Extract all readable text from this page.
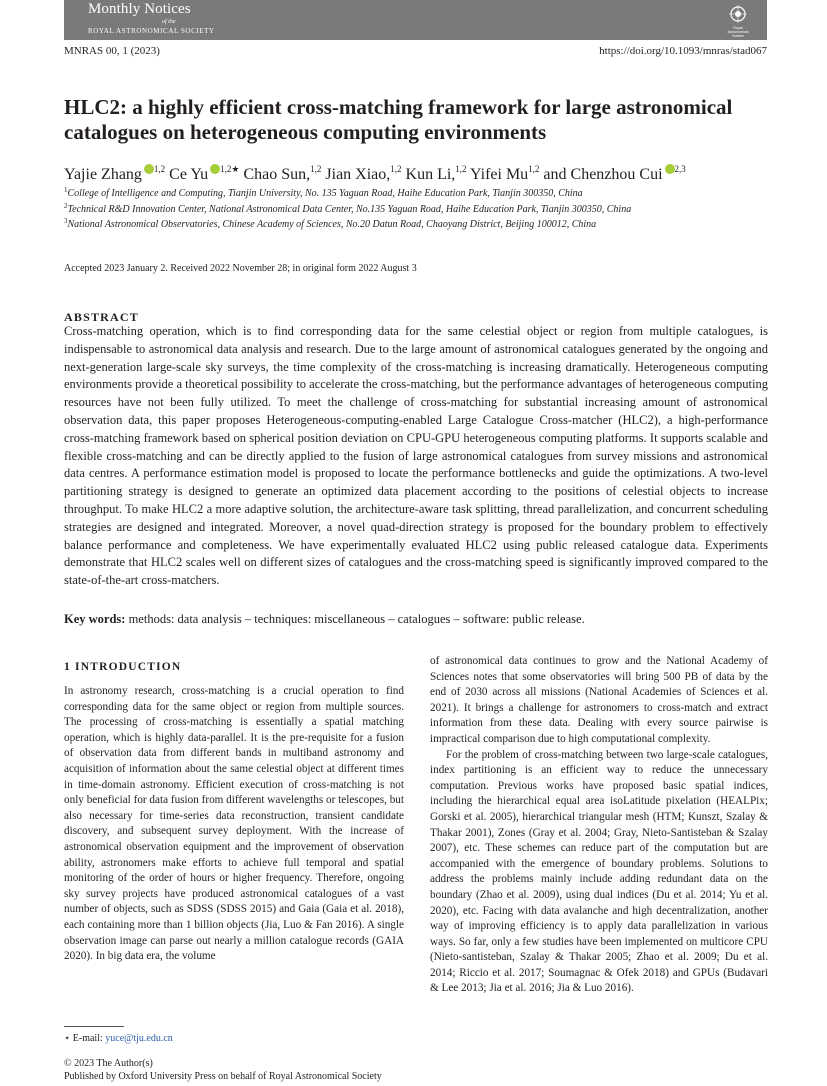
Monthly Notices
of the
ROYAL ASTRONOMICAL SOCIETY	Royal
Astronomical
Society
MNRAS 00, 1 (2023)	https://doi.org/10.1093/mnras/stad067
HLC2: a highly efficient cross-matching framework for large astronomical catalogues on heterogeneous computing environments
Yajie Zhang $^{1,2}$ Ce Yu $^{1,2★}$ Chao Sun,$^{1,2}$ Jian Xiao,$^{1,2}$ Kun Li,$^{1,2}$ Yifei Mu$^{1,2}$ and Chenzhou Cui $^{2,3}$
$^1$College of Intelligence and Computing, Tianjin University, No. 135 Yaguan Road, Haihe Education Park, Tianjin 300350, China
$^2$Technical R&D Innovation Center, National Astronomical Data Center, No.135 Yaguan Road, Haihe Education Park, Tianjin 300350, China
$^3$National Astronomical Observatories, Chinese Academy of Sciences, No.20 Datun Road, Chaoyang District, Beijing 100012, China
Accepted 2023 January 2. Received 2022 November 28; in original form 2022 August 3
ABSTRACT
Cross-matching operation, which is to find corresponding data for the same celestial object or region from multiple catalogues, is indispensable to astronomical data analysis and research. Due to the large amount of astronomical catalogues generated by the ongoing and next-generation large-scale sky surveys, the time complexity of the cross-matching is increasing dramatically. Heterogeneous computing environments provide a theoretical possibility to accelerate the cross-matching, but the performance advantages of heterogeneous computing resources have not been fully utilized. To meet the challenge of cross-matching for substantial increasing amount of astronomical observation data, this paper proposes Heterogeneous-computing-enabled Large Catalogue Cross-matcher (HLC2), a high-performance cross-matching framework based on spherical position deviation on CPU-GPU heterogeneous computing platforms. It supports scalable and flexible cross-matching and can be directly applied to the fusion of large astronomical catalogues from survey missions and astronomical data centres. A performance estimation model is proposed to locate the performance bottlenecks and guide the optimizations. A two-level partitioning strategy is designed to generate an optimized data placement according to the positions of celestial objects to increase throughput. To make HLC2 a more adaptive solution, the architecture-aware task splitting, thread parallelization, and concurrent scheduling strategies are designed and integrated. Moreover, a novel quad-direction strategy is proposed for the boundary problem to effectively balance performance and completeness. We have experimentally evaluated HLC2 using public released catalogue data. Experiments demonstrate that HLC2 scales well on different sizes of catalogues and the cross-matching speed is significantly improved compared to the state-of-the-art cross-matchers.
Key words: methods: data analysis – techniques: miscellaneous – catalogues – software: public release.
1 INTRODUCTION

In astronomy research, cross-matching is a crucial operation to find corresponding data for the same object or region from multiple sources. The processing of cross-matching is essentially a spatial matching operation, which is highly data-parallel. It is the pre-requisite for a fusion of observation data from different bands in multiband astronomy and acquisition of information about the same celestial object at different times in time-domain astronomy. Efficient execution of cross-matching is not only beneficial for data fusion from different wavelengths or telescopes, but also necessary for time-series data reconstruction, transient candidate discovery, and subsequent survey deployment. With the increase of astronomical observation equipment and the improvement of observation ability, astronomers make efforts to achieve full temporal and spatial monitoring of the order of hours or higher frequency. Therefore, ongoing sky survey projects have produced astronomical catalogues of a vast number of objects, such as SDSS (SDSS 2015) and Gaia (Gaia et al. 2018), each containing more than 1 billion objects (Jia, Luo & Fan 2016). A single observation image can parse out nearly a million catalogue records (GAIA 2020). In big data era, the volume

of astronomical data continues to grow and the National Academy of Sciences notes that some observatories will bring 500 PB of data by the end of 2030 across all missions (National Academies of Sciences et al. 2021). It brings a challenge for astronomers to cross-match and extract information from these data. Dealing with every source pairwise is impractical comparison due to high computational complexity.

For the problem of cross-matching between two large-scale catalogues, index partitioning is an efficient way to reduce the unnecessary computation. Previous works have proposed basic spatial indices, including the hierarchical equal area isoLatitude pixelation (HEALPix; Gorski et al. 2005), hierarchical triangular mesh (HTM; Kunszt, Szalay & Thakar 2001), Zones (Gray et al. 2004; Gray, Nieto-Santisteban & Szalay 2007), etc. These schemes can reduce part of the computation but are accompanied with the emergence of boundary problems. Solutions to address the problems mainly include adding redundant data on the boundary (Zhao et al. 2009), using dual indices (Du et al. 2014; Yu et al. 2020), etc. Facing with data avalanche and high decentralization, another way of improving efficiency is to apply data parallelization in various ways. So far, only a few studies have been implemented on multicore CPU (Nieto-santisteban, Szalay & Thakar 2005; Zhao et al. 2009; Du et al. 2014; Riccio et al. 2017; Soumagnac & Ofek 2018) and GPUs (Budavari & Lee 2013; Jia et al. 2016; Jia & Luo 2016).

⋆ E-mail: yuce@tju.edu.cn
© 2023 The Author(s)
Published by Oxford University Press on behalf of Royal Astronomical Society
